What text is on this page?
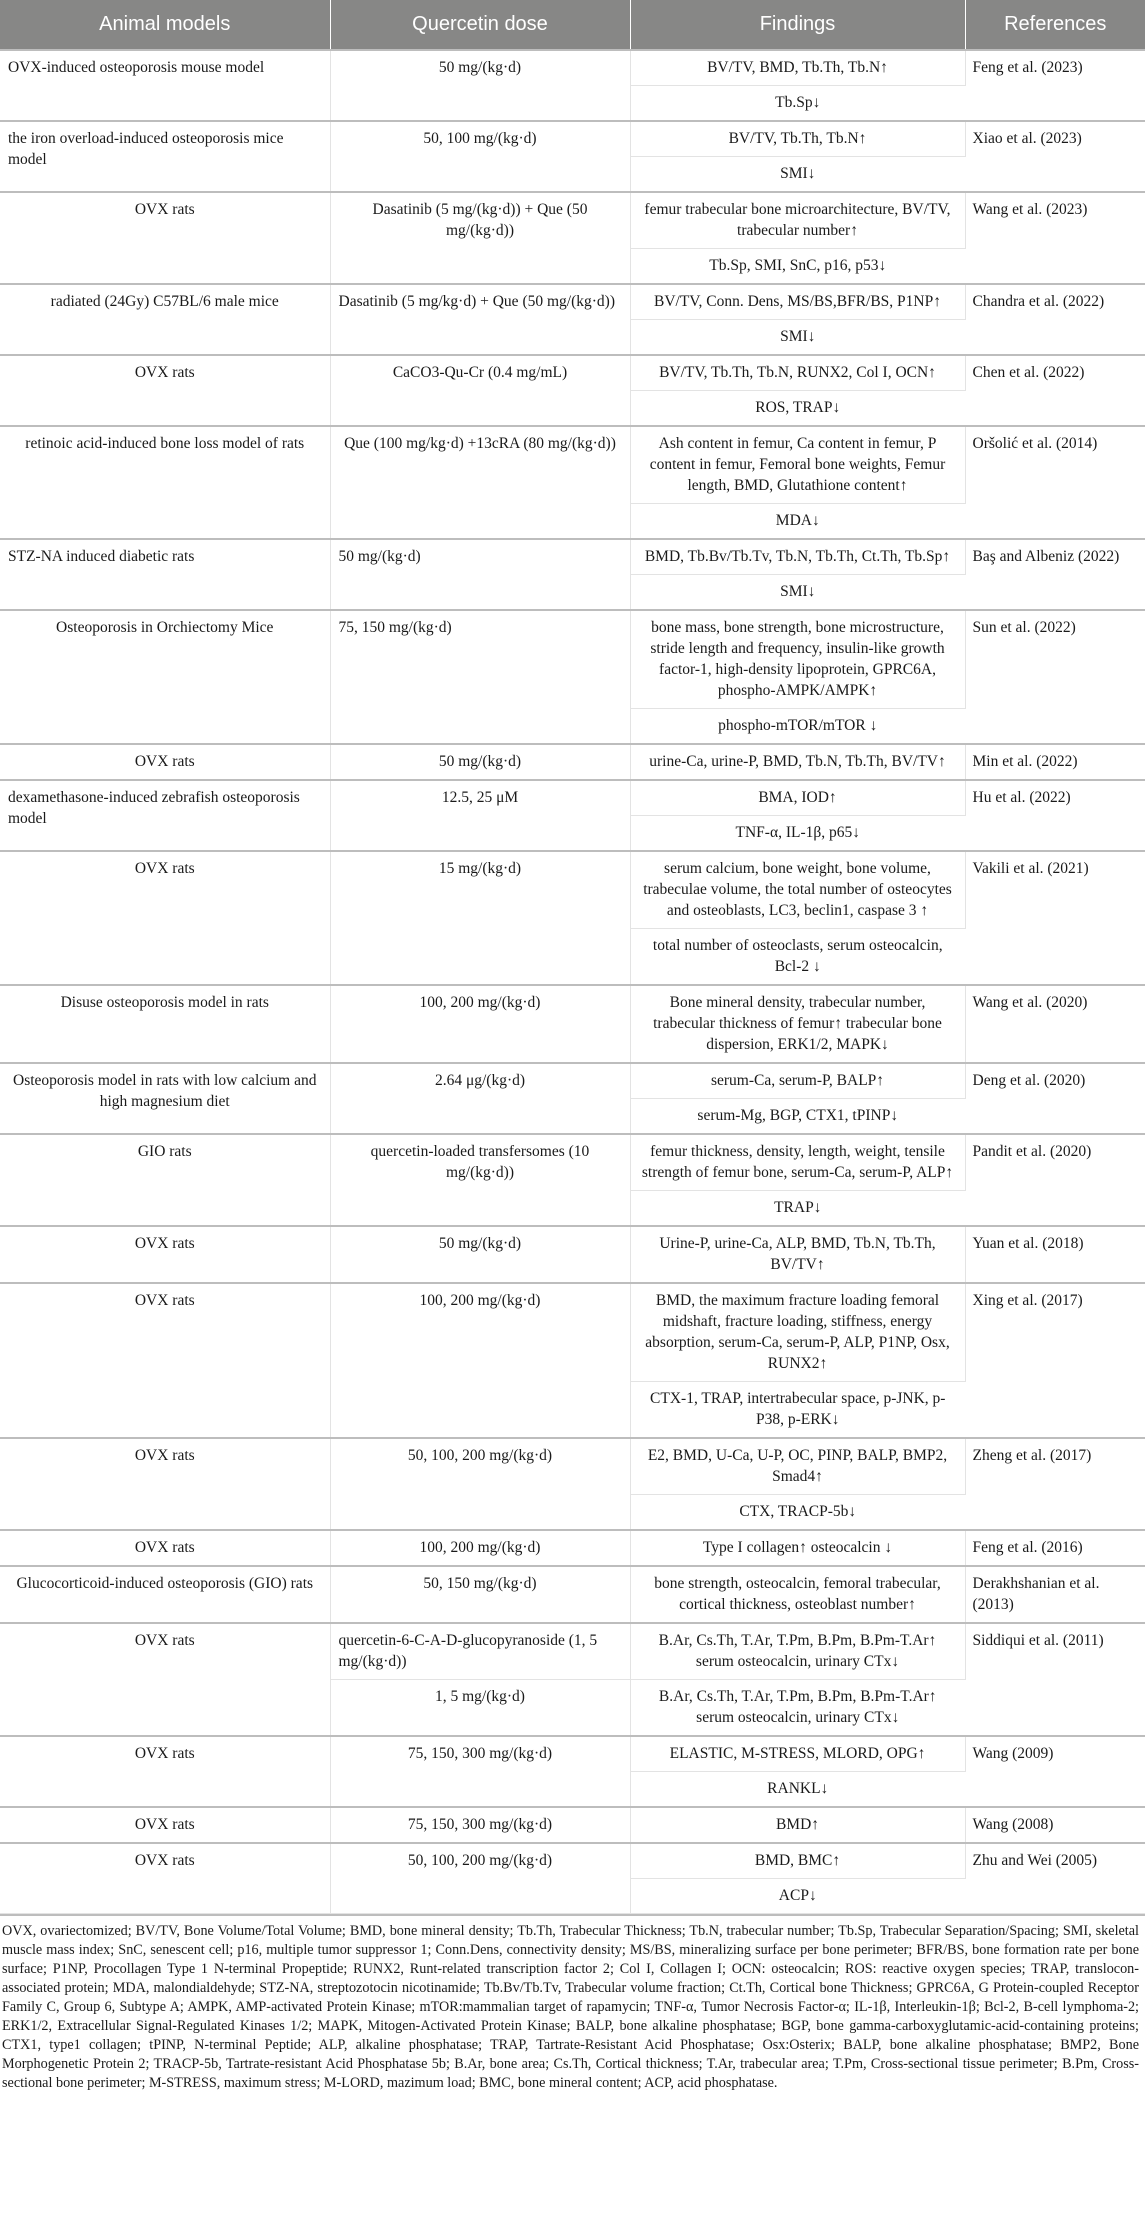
Animal models	Quercetin dose	Findings	References
OVX-induced osteoporosis mouse model	50 mg/(kg·d)	BV/TV, BMD, Tb.Th, Tb.N↑	Feng et al. (2023)
		Tb.Sp↓	
the iron overload-induced osteoporosis mice model	50, 100 mg/(kg·d)	BV/TV, Tb.Th, Tb.N↑	Xiao et al. (2023)
		SMI↓	
OVX rats	Dasatinib (5 mg/(kg·d)) + Que (50 mg/(kg·d))	femur trabecular bone microarchitecture, BV/TV, trabecular number↑	Wang et al. (2023)
		Tb.Sp, SMI, SnC, p16, p53↓	
radiated (24Gy) C57BL/6 male mice	Dasatinib (5 mg/kg·d) + Que (50 mg/(kg·d))	BV/TV, Conn. Dens, MS/BS,BFR/BS, P1NP↑	Chandra et al. (2022)
		SMI↓	
OVX rats	CaCO3-Qu-Cr (0.4 mg/mL)	BV/TV, Tb.Th, Tb.N, RUNX2, Col I, OCN↑	Chen et al. (2022)
		ROS, TRAP↓	
retinoic acid-induced bone loss model of rats	Que (100 mg/kg·d) +13cRA (80 mg/(kg·d))	Ash content in femur, Ca content in femur, P content in femur, Femoral bone weights, Femur length, BMD, Glutathione content↑	Oršolić et al. (2014)
		MDA↓	
STZ-NA induced diabetic rats	50 mg/(kg·d)	BMD, Tb.Bv/Tb.Tv, Tb.N, Tb.Th, Ct.Th, Tb.Sp↑	Baş and Albeniz (2022)
		SMI↓	
Osteoporosis in Orchiectomy Mice	75, 150 mg/(kg·d)	bone mass, bone strength, bone microstructure, stride length and frequency, insulin-like growth factor-1, high-density lipoprotein, GPRC6A, phospho-AMPK/AMPK↑	Sun et al. (2022)
		phospho-mTOR/mTOR ↓	
OVX rats	50 mg/(kg·d)	urine-Ca, urine-P, BMD, Tb.N, Tb.Th, BV/TV↑	Min et al. (2022)
dexamethasone-induced zebrafish osteoporosis model	12.5, 25 μM	BMA, IOD↑	Hu et al. (2022)
		TNF-α, IL-1β, p65↓	
OVX rats	15 mg/(kg·d)	serum calcium, bone weight, bone volume, trabeculae volume, the total number of osteocytes and osteoblasts, LC3, beclin1, caspase 3 ↑	Vakili et al. (2021)
		total number of osteoclasts, serum osteocalcin, Bcl-2 ↓	
Disuse osteoporosis model in rats	100, 200 mg/(kg·d)	Bone mineral density, trabecular number, trabecular thickness of femur↑ trabecular bone dispersion, ERK1/2, MAPK↓	Wang et al. (2020)
Osteoporosis model in rats with low calcium and high magnesium diet	2.64 μg/(kg·d)	serum-Ca, serum-P, BALP↑	Deng et al. (2020)
		serum-Mg, BGP, CTX1, tPINP↓	
GIO rats	quercetin-loaded transfersomes (10 mg/(kg·d))	femur thickness, density, length, weight, tensile strength of femur bone, serum-Ca, serum-P, ALP↑	Pandit et al. (2020)
		TRAP↓	
OVX rats	50 mg/(kg·d)	Urine-P, urine-Ca, ALP, BMD, Tb.N, Tb.Th, BV/TV↑	Yuan et al. (2018)
OVX rats	100, 200 mg/(kg·d)	BMD, the maximum fracture loading femoral midshaft, fracture loading, stiffness, energy absorption, serum-Ca, serum-P, ALP, P1NP, Osx, RUNX2↑	Xing et al. (2017)
		CTX-1, TRAP, intertrabecular space, p-JNK, p-P38, p-ERK↓	
OVX rats	50, 100, 200 mg/(kg·d)	E2, BMD, U-Ca, U-P, OC, PINP, BALP, BMP2, Smad4↑	Zheng et al. (2017)
		CTX, TRACP-5b↓	
OVX rats	100, 200 mg/(kg·d)	Type I collagen↑ osteocalcin ↓	Feng et al. (2016)
Glucocorticoid-induced osteoporosis (GIO) rats	50, 150 mg/(kg·d)	bone strength, osteocalcin, femoral trabecular, cortical thickness, osteoblast number↑	Derakhshanian et al. (2013)
OVX rats	quercetin-6-C-A-D-glucopyranoside (1, 5 mg/(kg·d))	B.Ar, Cs.Th, T.Ar, T.Pm, B.Pm, B.Pm-T.Ar↑ serum osteocalcin, urinary CTx↓	Siddiqui et al. (2011)
	1, 5 mg/(kg·d)	B.Ar, Cs.Th, T.Ar, T.Pm, B.Pm, B.Pm-T.Ar↑ serum osteocalcin, urinary CTx↓	
OVX rats	75, 150, 300 mg/(kg·d)	ELASTIC, M-STRESS, MLORD, OPG↑	Wang (2009)
		RANKL↓	
OVX rats	75, 150, 300 mg/(kg·d)	BMD↑	Wang (2008)
OVX rats	50, 100, 200 mg/(kg·d)	BMD, BMC↑	Zhu and Wei (2005)
		ACP↓	
OVX, ovariectomized; BV/TV, Bone Volume/Total Volume; BMD, bone mineral density; Tb.Th, Trabecular Thickness; Tb.N, trabecular number; Tb.Sp, Trabecular Separation/Spacing; SMI, skeletal muscle mass index; SnC, senescent cell; p16, multiple tumor suppressor 1; Conn.Dens, connectivity density; MS/BS, mineralizing surface per bone perimeter; BFR/BS, bone formation rate per bone surface; P1NP, Procollagen Type 1 N-terminal Propeptide; RUNX2, Runt-related transcription factor 2; Col I, Collagen I; OCN: osteocalcin; ROS: reactive oxygen species; TRAP, translocon-associated protein; MDA, malondialdehyde; STZ-NA, streptozotocin nicotinamide; Tb.Bv/Tb.Tv, Trabecular volume fraction; Ct.Th, Cortical bone Thickness; GPRC6A, G Protein-coupled Receptor Family C, Group 6, Subtype A; AMPK, AMP-activated Protein Kinase; mTOR:mammalian target of rapamycin; TNF-α, Tumor Necrosis Factor-α; IL-1β, Interleukin-1β; Bcl-2, B-cell lymphoma-2; ERK1/2, Extracellular Signal-Regulated Kinases 1/2; MAPK, Mitogen-Activated Protein Kinase; BALP, bone alkaline phosphatase; BGP, bone gamma-carboxyglutamic-acid-containing proteins; CTX1, type1 collagen; tPINP, N-terminal Peptide; ALP, alkaline phosphatase; TRAP, Tartrate-Resistant Acid Phosphatase; Osx:Osterix; BALP, bone alkaline phosphatase; BMP2, Bone Morphogenetic Protein 2; TRACP-5b, Tartrate-resistant Acid Phosphatase 5b; B.Ar, bone area; Cs.Th, Cortical thickness; T.Ar, trabecular area; T.Pm, Cross-sectional tissue perimeter; B.Pm, Cross-sectional bone perimeter; M-STRESS, maximum stress; M-LORD, mazimum load; BMC, bone mineral content; ACP, acid phosphatase.
